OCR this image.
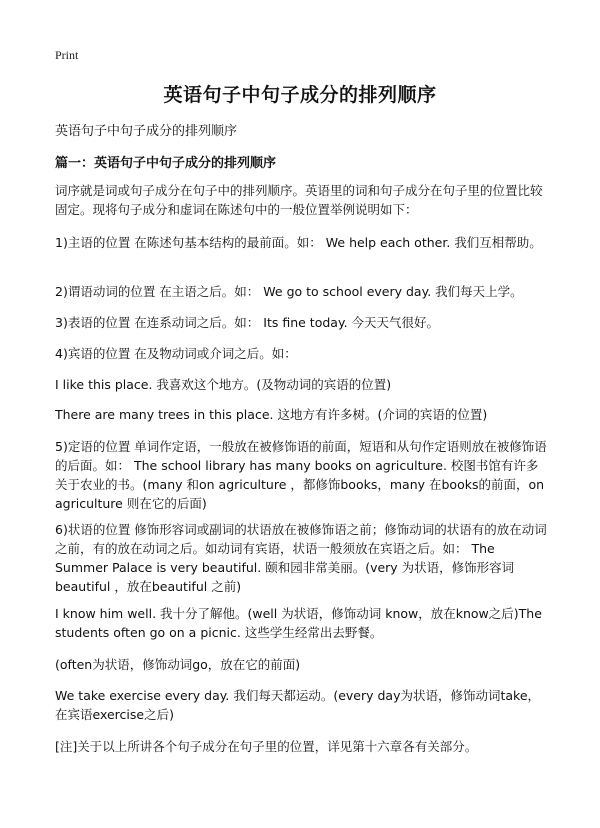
Print
英语句子中句子成分的排列顺序
英语句子中句子成分的排列顺序
篇一：英语句子中句子成分的排列顺序

词序就是词或句子成分在句子中的排列顺序。英语里的词和句子成分在句子里的位置比较固定。现将句子成分和虚词在陈述句中的一般位置举例说明如下：

1)主语的位置 在陈述句基本结构的最前面。如： We help each other. 我们互相帮助。

2)谓语动词的位置 在主语之后。如： We go to school every day. 我们每天上学。

3)表语的位置 在连系动词之后。如： Its fine today. 今天天气很好。

4)宾语的位置 在及物动词或介词之后。如：

I like this place. 我喜欢这个地方。(及物动词的宾语的位置)

There are many trees in this place. 这地方有许多树。(介词的宾语的位置)

5)定语的位置 单词作定语，一般放在被修饰语的前面，短语和从句作定语则放在被修饰语的后面。如： The school library has many books on agriculture. 校图书馆有许多关于农业的书。(many 和on agriculture ，都修饰books，many 在books的前面，on agriculture 则在它的后面)

6)状语的位置 修饰形容词或副词的状语放在被修饰语之前；修饰动词的状语有的放在动词之前，有的放在动词之后。如动词有宾语，状语一般须放在宾语之后。如： The Summer Palace is very beautiful. 颐和园非常美丽。(very 为状语，修饰形容词beautiful ，放在beautiful 之前)

I know him well. 我十分了解他。(well 为状语，修饰动词 know，放在know之后)The students often go on a picnic. 这些学生经常出去野餐。

(often为状语，修饰动词go，放在它的前面)

We take exercise every day. 我们每天都运动。(every day为状语，修饰动词take，在宾语exercise之后)

[注]关于以上所讲各个句子成分在句子里的位置，详见第十六章各有关部分。
